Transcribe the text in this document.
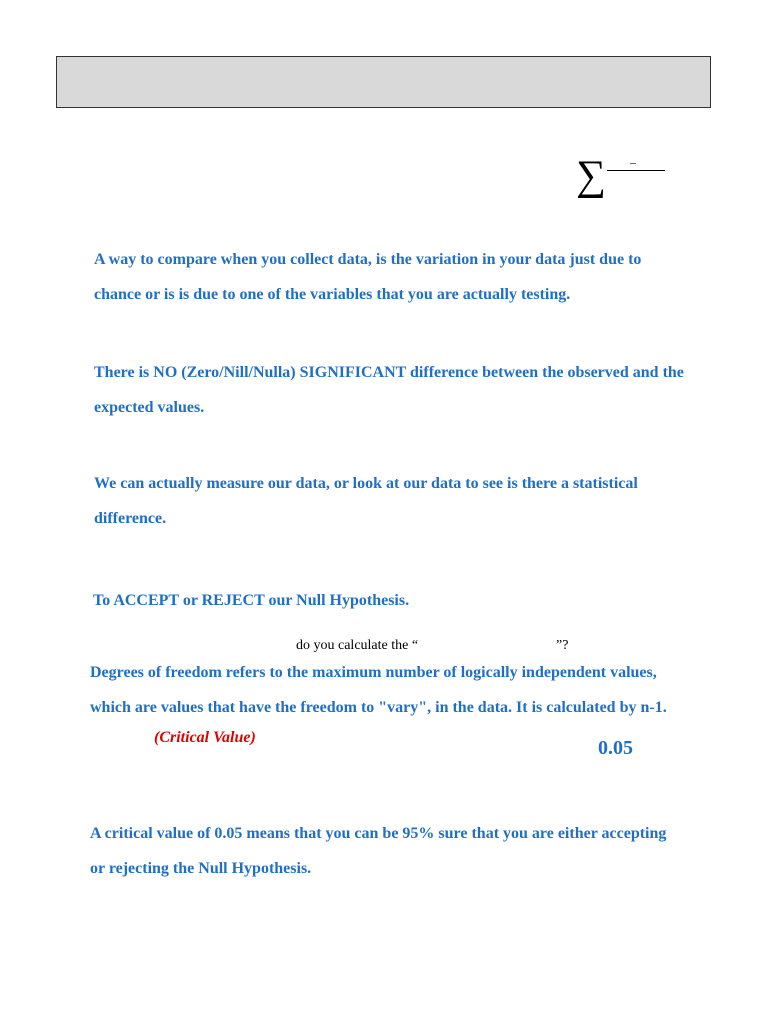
∑ –
A way to compare when you collect data, is the variation in your data just due to
chance or is is due to one of the variables that you are actually testing.
There is NO (Zero/Nill/Nulla) SIGNIFICANT difference between the observed and the
expected values.
We can actually measure our data, or look at our data to see is there a statistical
difference.
To ACCEPT or REJECT our Null Hypothesis.
do you calculate the “	”?
Degrees of freedom refers to the maximum number of logically independent values,
which are values that have the freedom to "vary", in the data. It is calculated by n-1.
(Critical Value)	0.05
A critical value of 0.05 means that you can be 95% sure that you are either accepting
or rejecting the Null Hypothesis.
